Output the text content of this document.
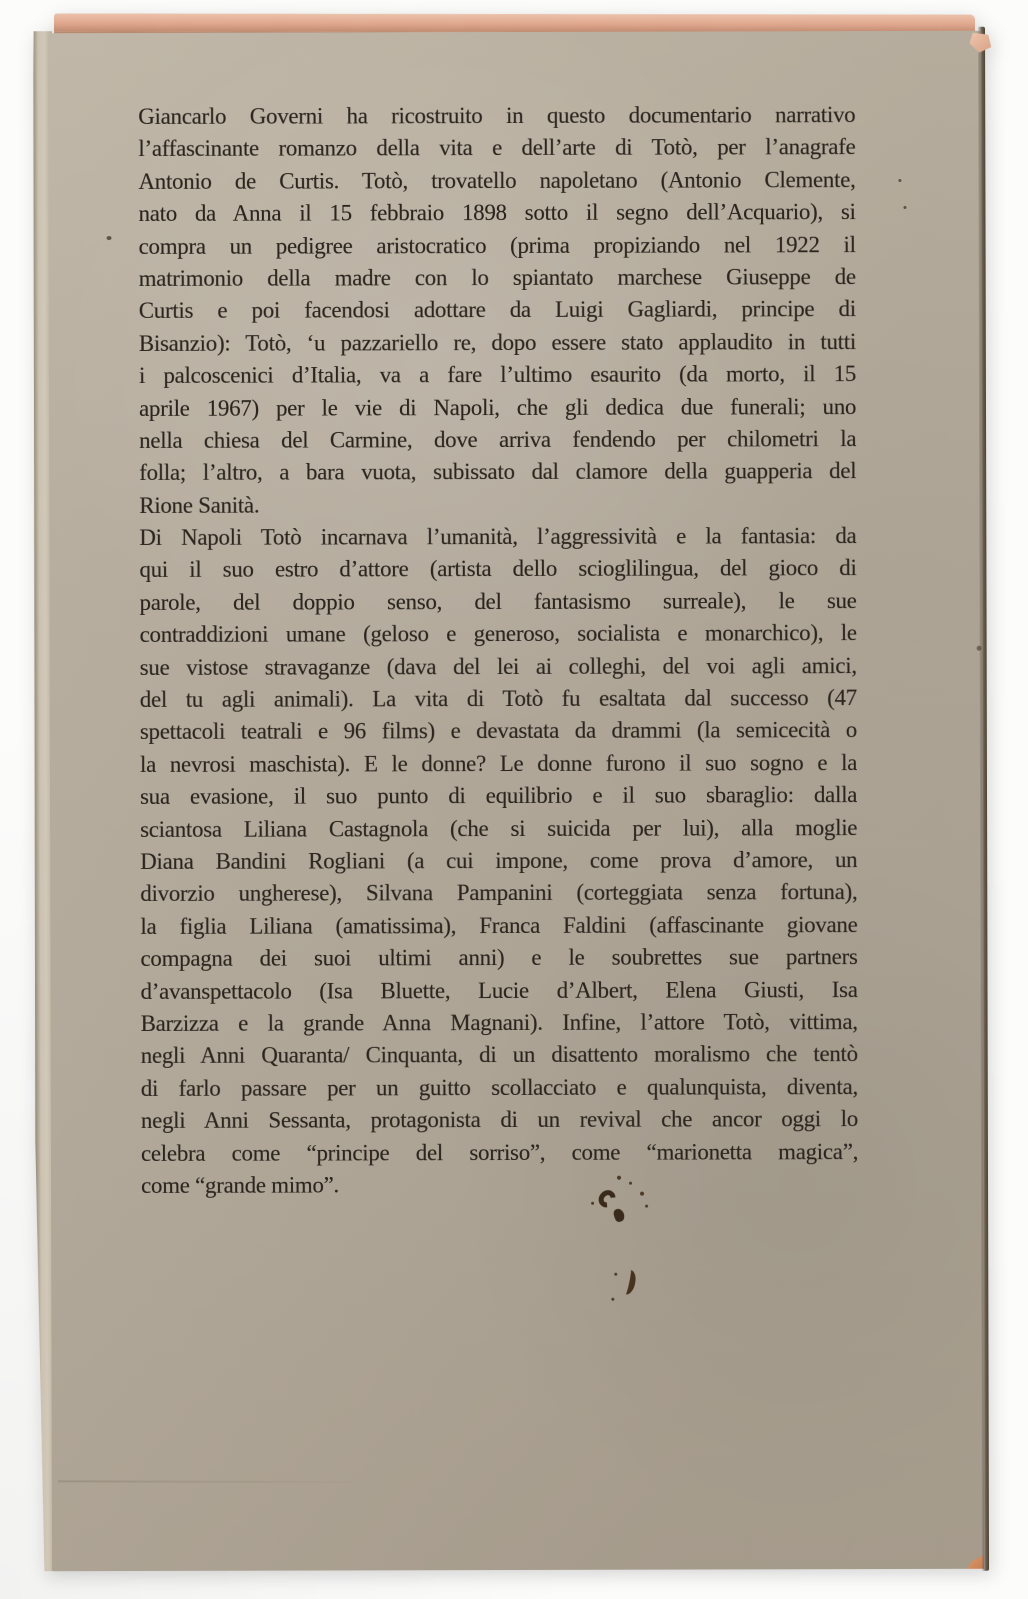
Giancarlo Governi ha ricostruito in questo documentario narrativo
l’affascinante romanzo della vita e dell’arte di Totò, per l’anagrafe
Antonio de Curtis. Totò, trovatello napoletano (Antonio Clemente,
nato da Anna il 15 febbraio 1898 sotto il segno dell’Acquario), si
compra un pedigree aristocratico (prima propiziando nel 1922 il
matrimonio della madre con lo spiantato marchese Giuseppe de
Curtis e poi facendosi adottare da Luigi Gagliardi, principe di
Bisanzio): Totò, ‘u pazzariello re, dopo essere stato applaudito in tutti
i palcoscenici d’Italia, va a fare l’ultimo esaurito (da morto, il 15
aprile 1967) per le vie di Napoli, che gli dedica due funerali; uno
nella chiesa del Carmine, dove arriva fendendo per chilometri la
folla; l’altro, a bara vuota, subissato dal clamore della guapperia del
Rione Sanità.
Di Napoli Totò incarnava l’umanità, l’aggressività e la fantasia: da
qui il suo estro d’attore (artista dello scioglilingua, del gioco di
parole, del doppio senso, del fantasismo surreale), le sue
contraddizioni umane (geloso e generoso, socialista e monarchico), le
sue vistose stravaganze (dava del lei ai colleghi, del voi agli amici,
del tu agli animali). La vita di Totò fu esaltata dal successo (47
spettacoli teatrali e 96 films) e devastata da drammi (la semicecità o
la nevrosi maschista). E le donne? Le donne furono il suo sogno e la
sua evasione, il suo punto di equilibrio e il suo sbaraglio: dalla
sciantosa Liliana Castagnola (che si suicida per lui), alla moglie
Diana Bandini Rogliani (a cui impone, come prova d’amore, un
divorzio ungherese), Silvana Pampanini (corteggiata senza fortuna),
la figlia Liliana (amatissima), Franca Faldini (affascinante giovane
compagna dei suoi ultimi anni) e le soubrettes sue partners
d’avanspettacolo (Isa Bluette, Lucie d’Albert, Elena Giusti, Isa
Barzizza e la grande Anna Magnani). Infine, l’attore Totò, vittima,
negli Anni Quaranta/ Cinquanta, di un disattento moralismo che tentò
di farlo passare per un guitto scollacciato e qualunquista, diventa,
negli Anni Sessanta, protagonista di un revival che ancor oggi lo
celebra come “principe del sorriso”, come “marionetta magica”,
come “grande mimo”.
